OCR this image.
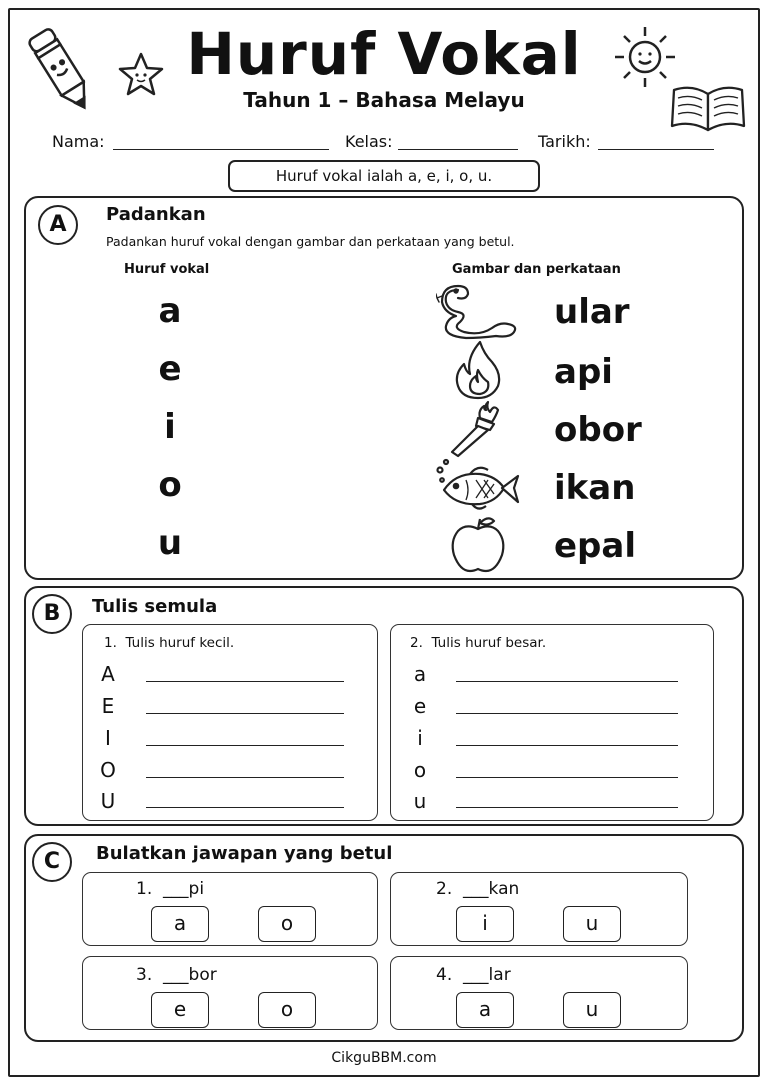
Huruf Vokal
Tahun 1 – Bahasa Melayu
Nama:	Kelas:	Tarikh:
Huruf vokal ialah a, e, i, o, u.
A	Padankan
Padankan huruf vokal dengan gambar dan perkataan yang betul.
Huruf vokal	Gambar dan perkataan
a
e
i
o
u
ular
api
obor
ikan
epal
B	Tulis semula
1. Tulis huruf kecil.
A
E
I
O
U
2. Tulis huruf besar.
a
e
i
o
u
C	Bulatkan jawapan yang betul
1. ___pi
a	o
2. ___kan
i	u
3. ___bor
e	o
4. ___lar
a	u
CikguBBM.com
